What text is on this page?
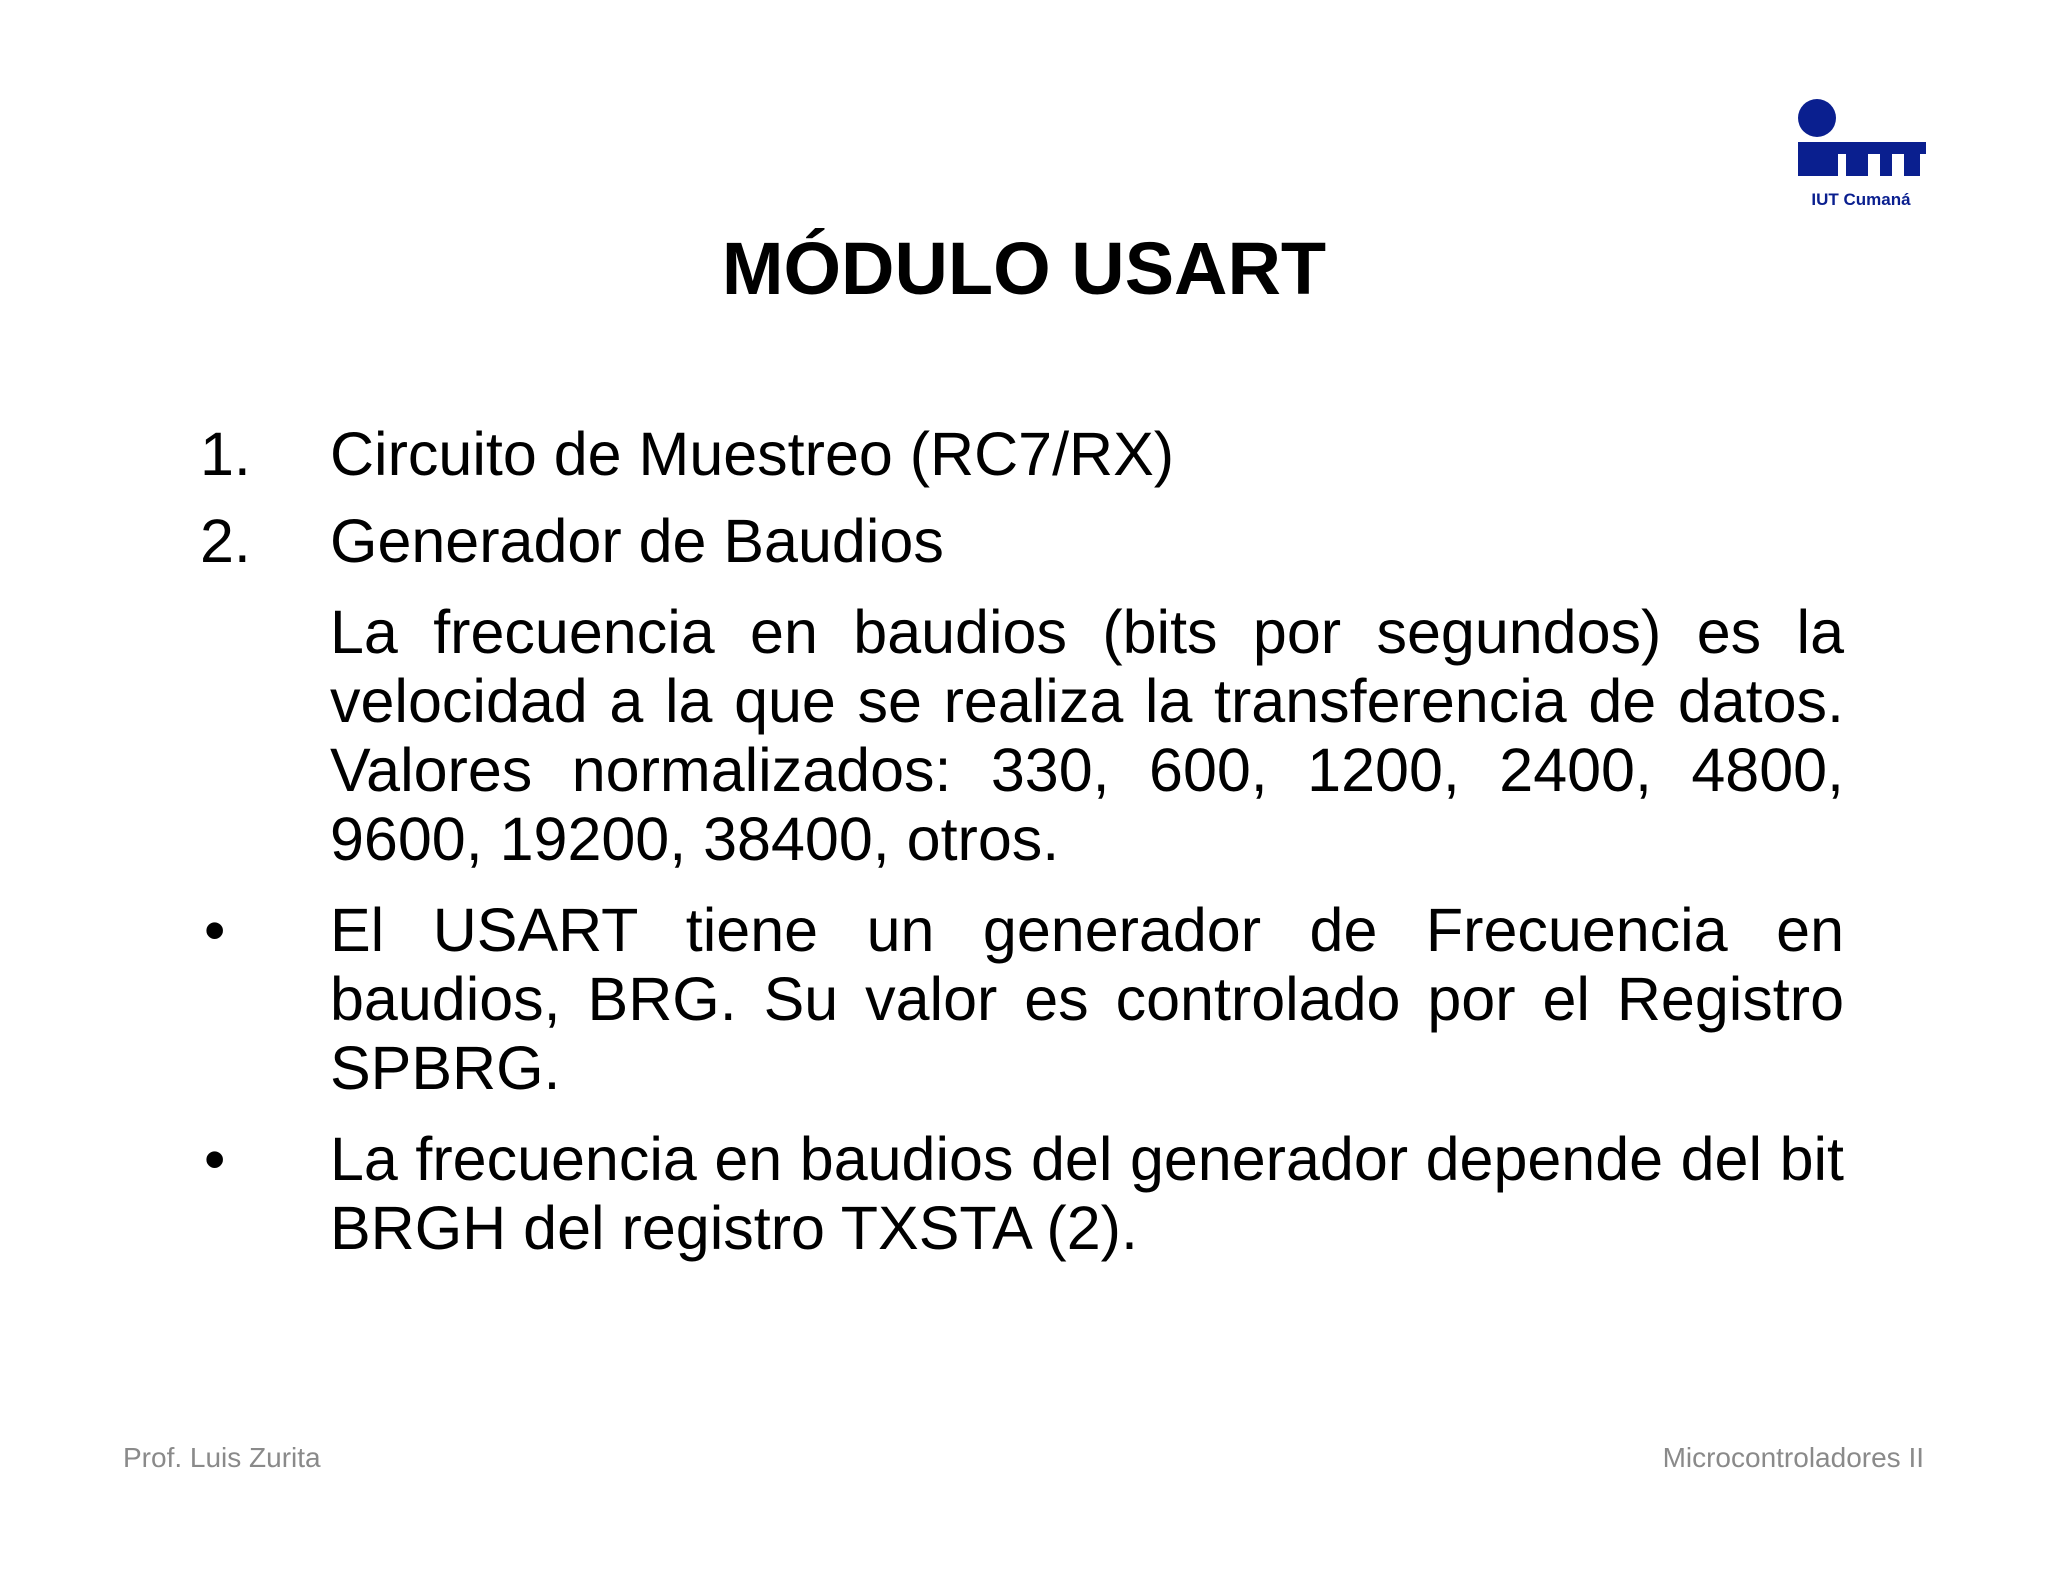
IUT Cumaná
MÓDULO USART
1.	Circuito de Muestreo (RC7/RX)
2.	Generador de Baudios
La frecuencia en baudios (bits por segundos) es la velocidad a la que se realiza la transferencia de datos. Valores normalizados: 330, 600, 1200, 2400, 4800, 9600, 19200, 38400, otros.
•	El USART tiene un generador de Frecuencia en baudios, BRG. Su valor es controlado por el Registro SPBRG.
•	La frecuencia en baudios del generador depende del bit BRGH del registro TXSTA (2).
Prof. Luis Zurita	Microcontroladores II
